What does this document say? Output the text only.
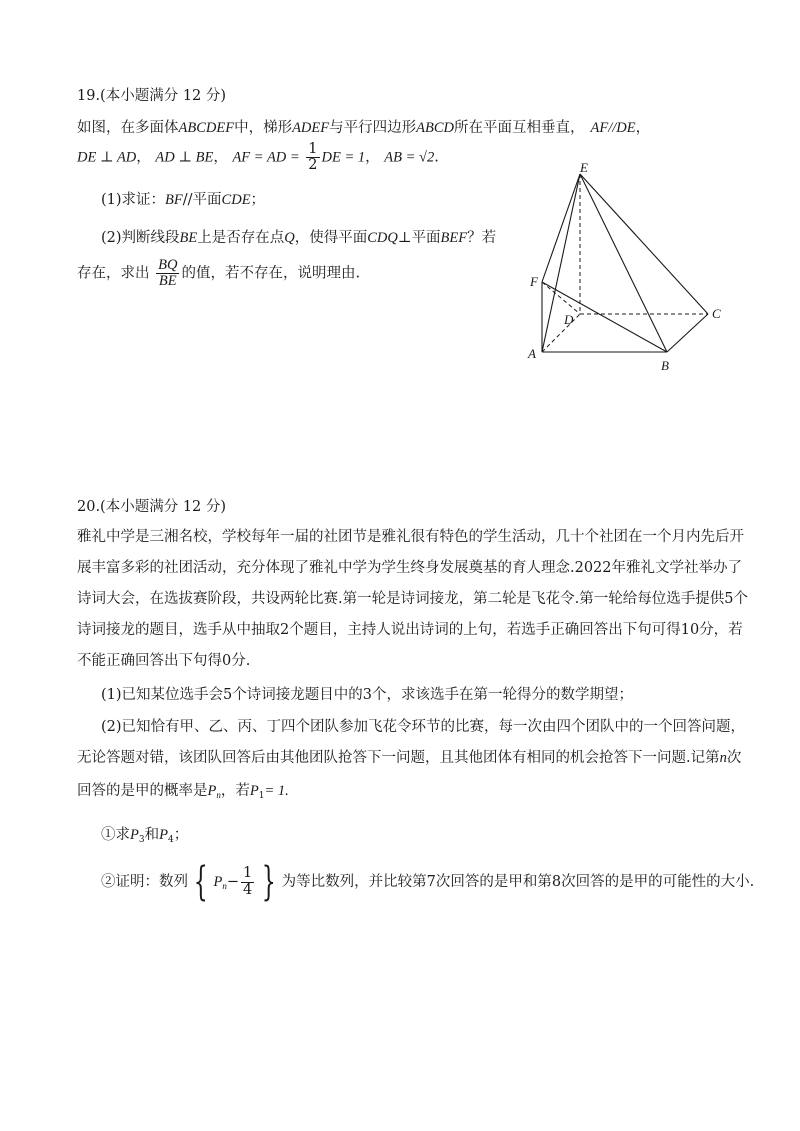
19.(本小题满分 12 分)
如图，在多面体ABCDEF中，梯形ADEF与平行四边形ABCD所在平面互相垂直， AF//DE，
DE ⊥ AD， AD ⊥ BE， AF = AD = $\frac{1}{2}$ DE = 1， AB = √2.
(1)求证：BF//平面CDE；
(2)判断线段BE上是否存在点Q，使得平面CDQ⊥平面BEF？若
存在，求出 $\frac{BQ}{BE}$ 的值，若不存在，说明理由.
E
F
D	C
A
B
20.(本小题满分 12 分)
雅礼中学是三湘名校，学校每年一届的社团节是雅礼很有特色的学生活动，几十个社团在一个月内先后开
展丰富多彩的社团活动，充分体现了雅礼中学为学生终身发展奠基的育人理念.2022年雅礼文学社举办了
诗词大会，在选拔赛阶段，共设两轮比赛.第一轮是诗词接龙，第二轮是飞花令.第一轮给每位选手提供5个
诗词接龙的题目，选手从中抽取2个题目，主持人说出诗词的上句，若选手正确回答出下句可得10分，若
不能正确回答出下句得0分.
(1)已知某位选手会5个诗词接龙题目中的3个，求该选手在第一轮得分的数学期望；
(2)已知恰有甲、乙、丙、丁四个团队参加飞花令环节的比赛，每一次由四个团队中的一个回答问题，
无论答题对错，该团队回答后由其他团队抢答下一问题，且其他团体有相同的机会抢答下一问题.记第n次
回答的是甲的概率是$P_n$，若$P_1= 1$.
①求$P_3$和$P_4$；
②证明：数列 { $P_n- \frac{1}{4}$ } 为等比数列，并比较第7次回答的是甲和第8次回答的是甲的可能性的大小.
